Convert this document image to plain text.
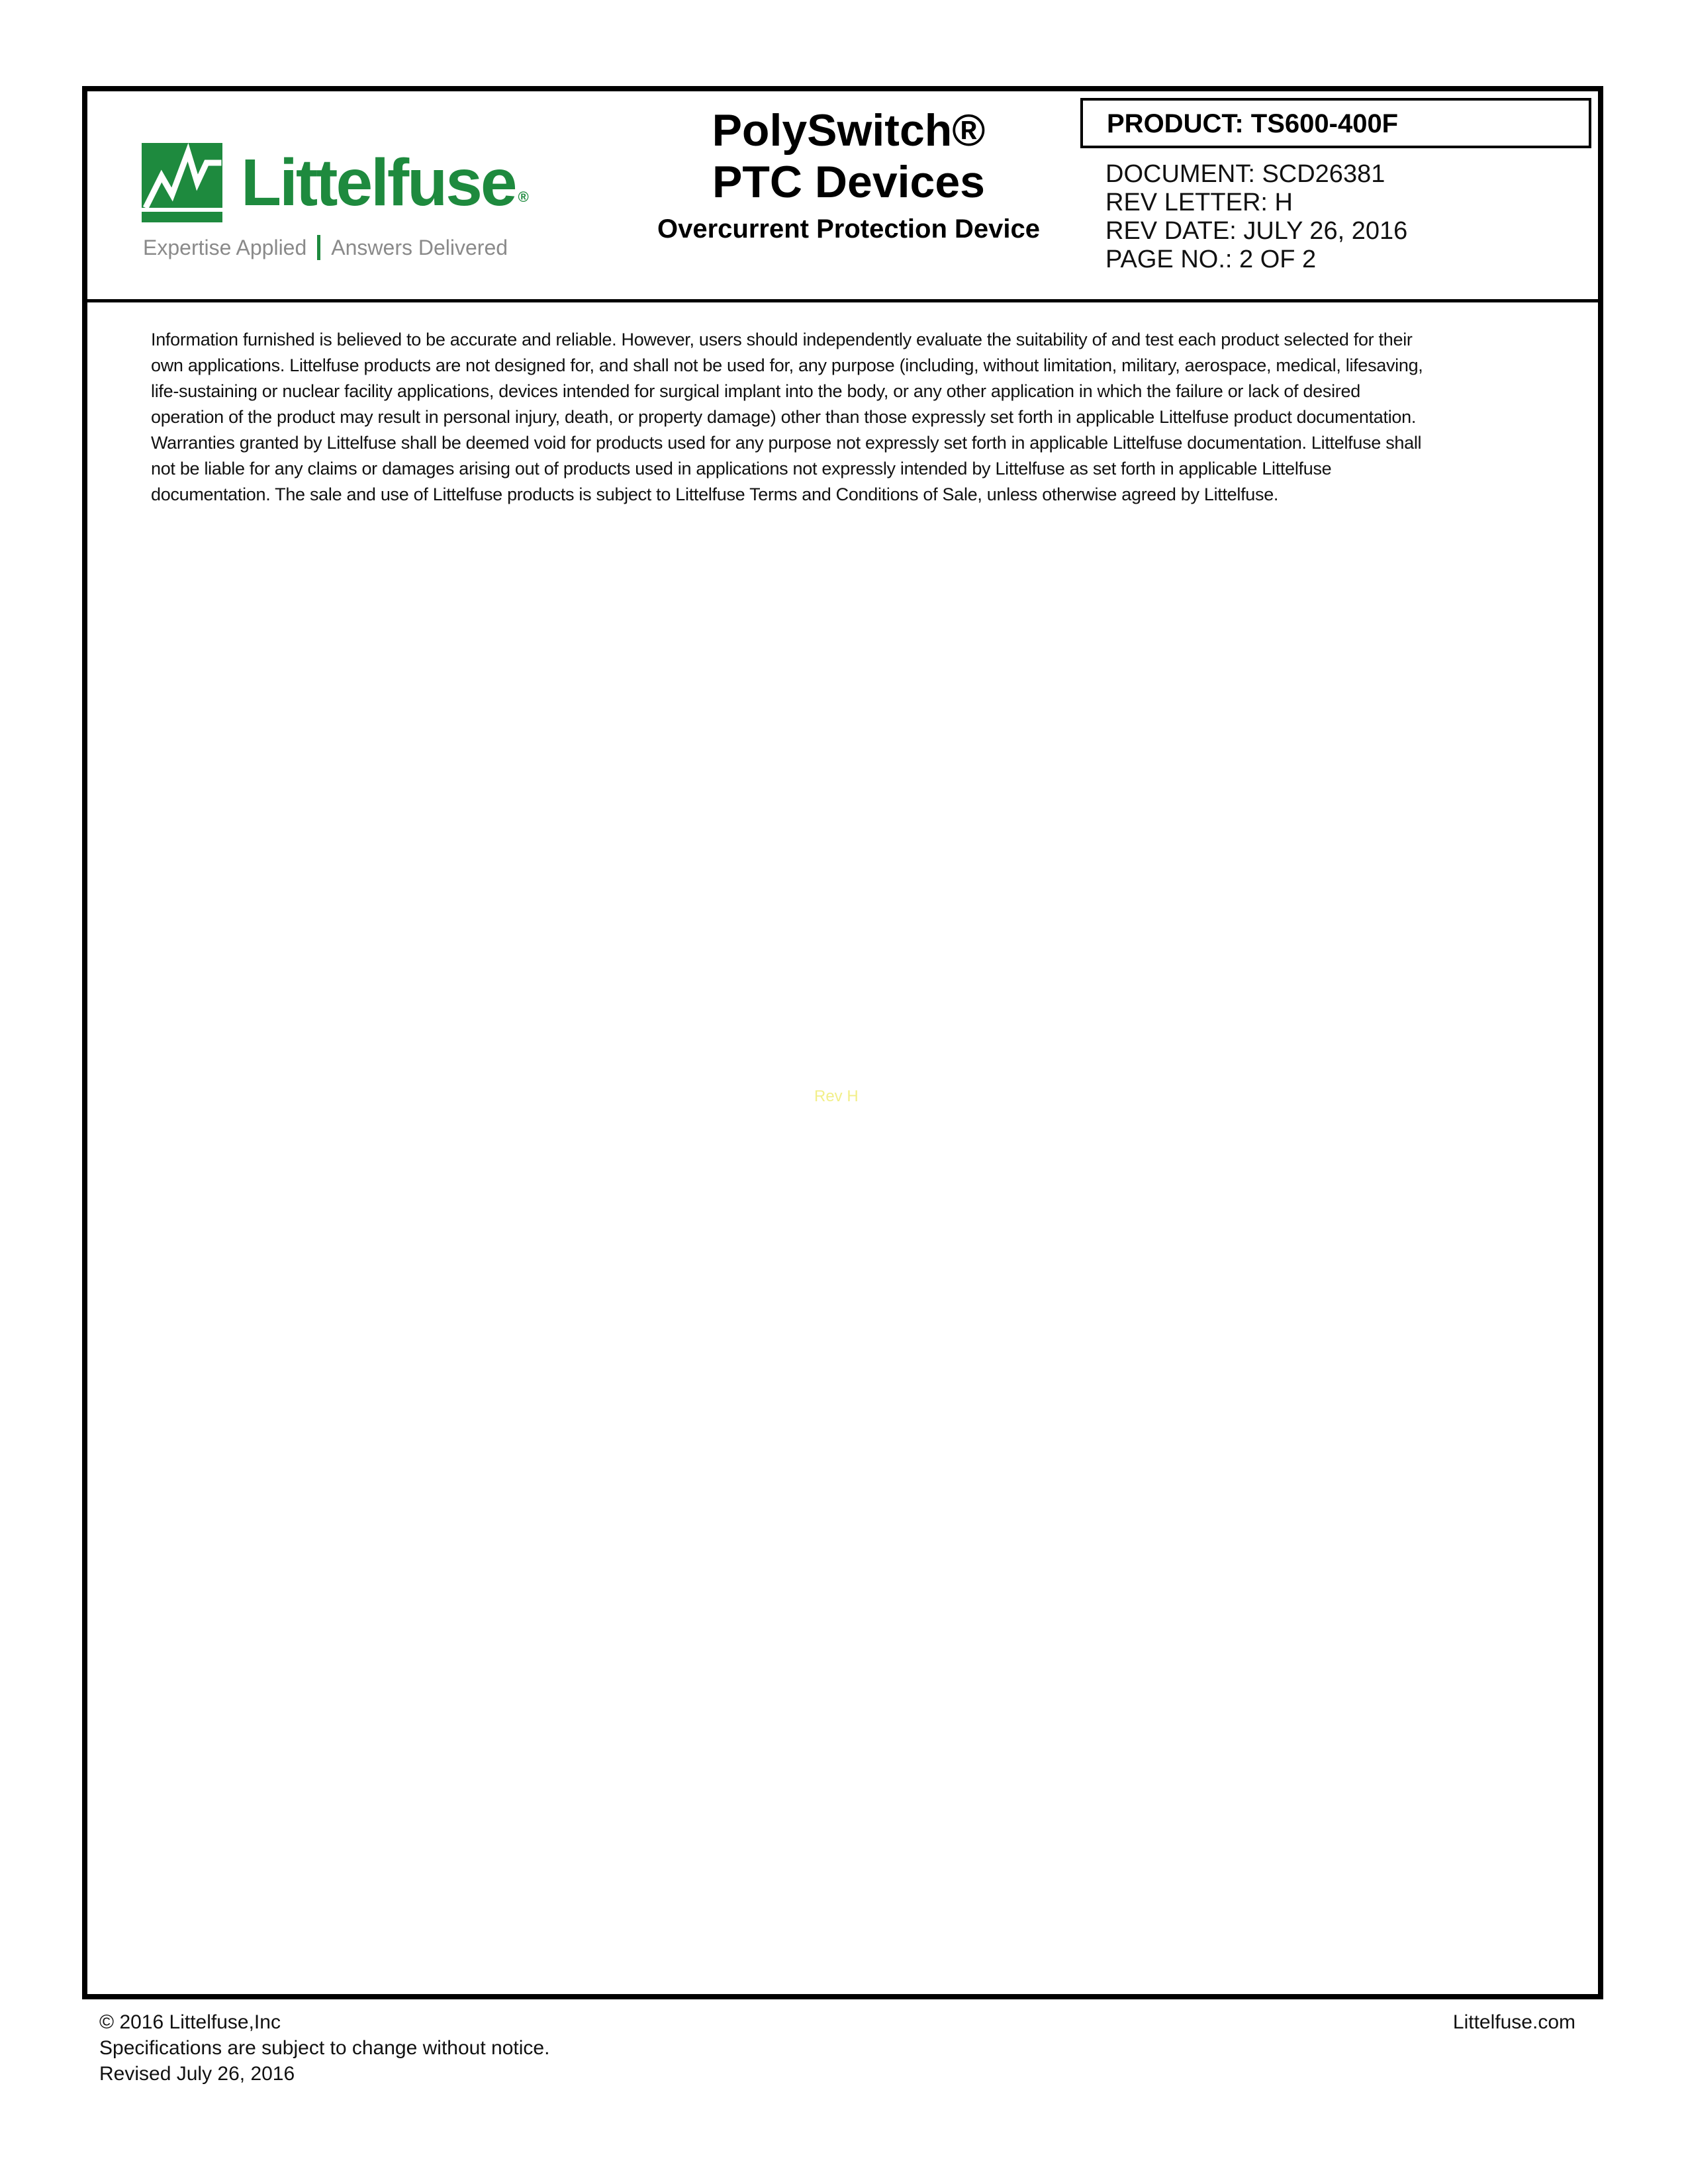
Littelfuse ®
Expertise Applied Answers Delivered
PolySwitch®
PTC Devices
Overcurrent Protection Device
PRODUCT: TS600-400F
DOCUMENT: SCD26381
REV LETTER: H
REV DATE: JULY 26, 2016
PAGE NO.: 2 OF 2
Information furnished is believed to be accurate and reliable. However, users should independently evaluate the suitability of and test each product selected for their
own applications. Littelfuse products are not designed for, and shall not be used for, any purpose (including, without limitation, military, aerospace, medical, lifesaving,
life-sustaining or nuclear facility applications, devices intended for surgical implant into the body, or any other application in which the failure or lack of desired
operation of the product may result in personal injury, death, or property damage) other than those expressly set forth in applicable Littelfuse product documentation.
Warranties granted by Littelfuse shall be deemed void for products used for any purpose not expressly set forth in applicable Littelfuse documentation. Littelfuse shall
not be liable for any claims or damages arising out of products used in applications not expressly intended by Littelfuse as set forth in applicable Littelfuse
documentation. The sale and use of Littelfuse products is subject to Littelfuse Terms and Conditions of Sale, unless otherwise agreed by Littelfuse.
Rev H
© 2016 Littelfuse,Inc
Specifications are subject to change without notice.
Revised July 26, 2016
Littelfuse.com
